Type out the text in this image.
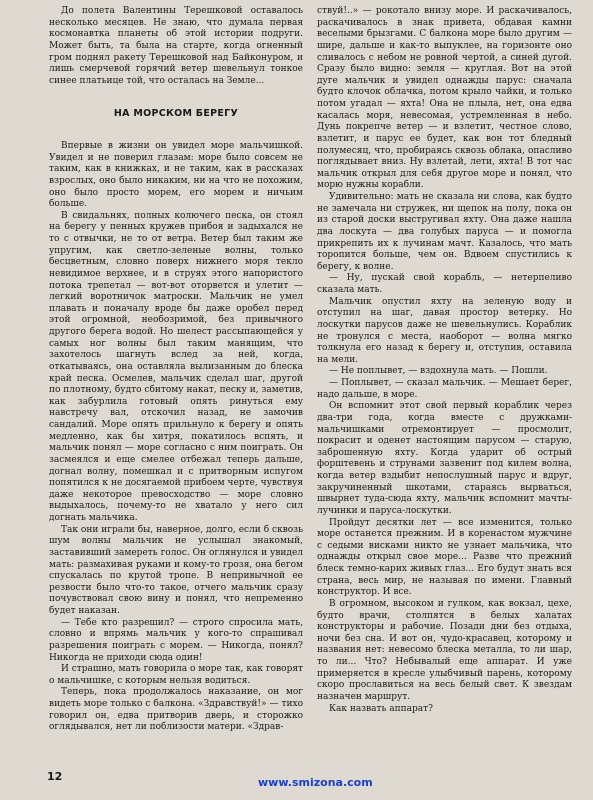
До полета Валентины Терешковой оставалось несколько месяцев. Не знаю, что думала первая космонавтка планеты об этой истории подруги. Может быть, та была на старте, когда огненный гром поднял ракету Терешковой над Байконуром, и лишь смерчевой горячий ветер шевельнул тонкое синее платьице той, что осталась на Земле...

НА МОРСКОМ БЕРЕГУ

Впервые в жизни он увидел море мальчишкой. Увидел и не поверил глазам: море было совсем не таким, как в книжках, и не таким, как в рассказах взрослых, оно было никаким, ни на что не похожим, оно было просто морем, его морем и ничьим больше.

В свидальнях, полных колючего песка, он стоял на берегу у пенных кружев прибоя и задыхался не то с отвычки, не то от ветра. Ветер был таким же упругим, как светло-зеленые волны, только бесцветным, словно поверх нижнего моря текло невидимое верхнее, и в струях этого напористого потока трепетал — вот-вот оторвется и улетит — легкий воротничок матроски. Мальчик не умел плавать и поначалу вроде бы даже оробел перед этой огромной, необозримой, без привычного другого берега водой. Но шелест рассыпающейся у самых ног волны был таким манящим, что захотелось шагнуть вслед за ней, когда, откатываясь, она оставляла вылизанным до блеска край песка. Осмелев, мальчик сделал шаг, другой по плотному, будто сбитому накат, песку и, заметив, как забурлила готовый опять ринуться ему навстречу вал, отскочил назад, не замочив сандалий. Море опять прильнуло к берегу и опять медленно, как бы хитря, покатилось вспять, и мальчик понял — море согласно с ним поиграть. Он засмеялся и еще смелее отбежал теперь дальше, догнал волну, помешкал и с притворным испугом попятился к не досягаемой прибоем черте, чувствуя даже некоторое превосходство — море словно выдыхалось, почему-то не хватало у него сил догнать мальчика.

Так они играли бы, наверное, долго, если б сквозь шум волны мальчик не услышал знакомый, заставивший замереть голос. Он оглянулся и увидел мать: размахивая руками и кому-то грозя, она бегом спускалась по крутой тропе. В непривычной ее резвости было что-то такое, отчего мальчик сразу почувствовал свою вину и понял, что непременно будет наказан.

— Тебе кто разрешил? — строго спросила мать, словно и впрямь мальчик у кого-то спрашивал разрешения поиграть с морем. — Никогда, понял? Никогда не приходи сюда один!

И страшно, мать говорила о море так, как говорят о мальчишке, с которым нельзя водиться.

Теперь, пока продолжалось наказание, он мог видеть море только с балкона. «Здравствуй!» — тихо говорил он, едва притворив дверь, и сторожко оглядывался, нет ли поблизости матери. «Здрав-

ствуй!..» — рокотало внизу море. И раскачивалось, раскачивалось в знак привета, обдавая камни веселыми брызгами. С балкона море было другим — шире, дальше и как-то выпуклее, на горизонте оно сливалось с небом не ровной чертой, а синей дугой. Сразу было видно: земля — круглая. Вот на этой дуге мальчик и увидел однажды парус: сначала будто клочок облачка, потом крыло чайки, и только потом угадал — яхта! Она не плыла, нет, она едва касалась моря, невесомая, устремленная в небо. Дунь покрепче ветер — и взлетит, честное слово, взлетит, и парус ее будет, как вон тот бледный полумесяц, что, пробираясь сквозь облака, опасливо поглядывает вниз. Ну взлетай, лети, яхта! В тот час мальчик открыл для себя другое море и понял, что морю нужны корабли.

Удивительно: мать не сказала ни слова, как будто не замечала ни стружек, ни щепок на полу, пока он из старой доски выстругивал яхту. Она даже нашла два лоскута — два голубых паруса — и помогла прикрепить их к лучинам мачт. Казалось, что мать торопится больше, чем он. Вдвоем спустились к берегу, к волне.

— Ну, пускай свой корабль, — нетерпеливо сказала мать.

Мальчик опустил яхту на зеленую воду и отступил на шаг, давая простор ветерку. Но лоскутки парусов даже не шевельнулись. Кораблик не тронулся с места, наоборот — волна мягко толкнула его назад к берегу и, отступив, оставила на мели.

— Не поплывет, — вздохнула мать. — Пошли.

— Поплывет, — сказал мальчик. — Мешает берег, надо дальше, в море.

Он вспомнит этот свой первый кораблик через два-три года, когда вместе с дружками-мальчишками отремонтирует — просмолит, покрасит и оденет настоящим парусом — старую, заброшенную яхту. Когда ударит об острый форштевень и струнами зазвенит под килем волна, когда ветер вздыбит непослушный парус и вдруг, закручиненный шкотами, стараясь вырваться, швырнет туда-сюда яхту, мальчик вспомнит мачты-лучинки и паруса-лоскутки.

Пройдут десятки лет — все изменится, только море останется прежним. И в коренастом мужчине с седыми висками никто не узнает мальчика, что однажды открыл свое море... Разве что прежний блеск темно-карих живых глаз... Его будут знать вся страна, весь мир, не называя по имени. Главный конструктор. И все.

В огромном, высоком и гулком, как вокзал, цехе, будто врачи, столпятся в белых халатах конструкторы и рабочие. Позади дни без отдыха, ночи без сна. И вот он, чудо-красавец, которому и названия нет: невесомо блеска металла, то ли шар, то ли... Что? Небывалый еще аппарат. И уже примеряется в кресле улыбчивый парень, которому скоро прославиться на весь белый свет. К звездам назначен маршрут.

Как назвать аппарат?

12	www.smizona.com
